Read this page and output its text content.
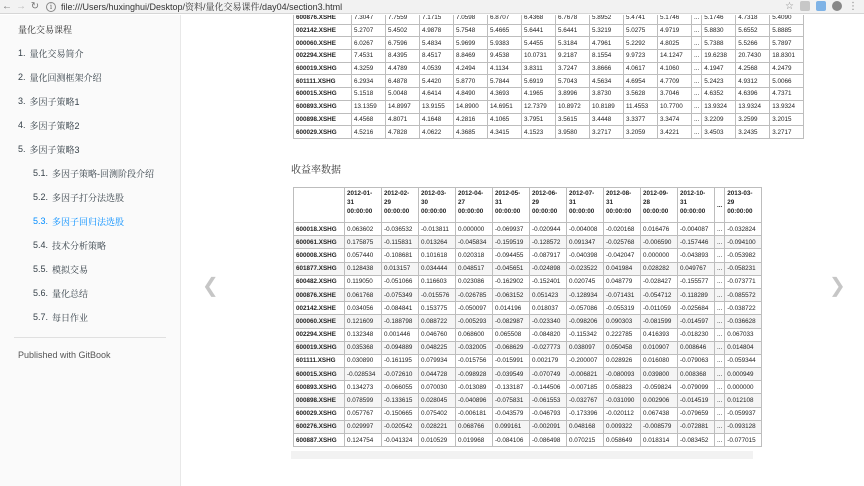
← → ↻	i file:///Users/huxinghui/Desktop/资料/量化交易课件/day04/section3.html	☆	⋮
量化交易课程
1. 量化交易简介
2. 量化回测框架介绍
3. 多因子策略1
4. 多因子策略2
5. 多因子策略3
5.1. 多因子策略-回测阶段介绍
5.2. 多因子打分法选股
5.3. 多因子回归法选股
5.4. 技术分析策略
5.5. 模拟交易
5.6. 量化总结
5.7. 每日作业
Published with GitBook
600876.XSHE	7.3047	7.7559	7.1715	7.0598	6.8707	6.4368	6.7678	5.8952	5.4741	5.1746	...	5.1746	4.7318	5.4090
002142.XSHE	5.2707	5.4502	4.9878	5.7548	5.4665	5.6441	5.6441	5.3219	5.0275	4.9719	...	5.8830	5.6552	5.8885
000060.XSHE	6.0267	6.7596	5.4834	5.9699	5.9383	5.4455	5.3184	4.7961	5.2292	4.8025	...	5.7388	5.5266	5.7897
002294.XSHE	7.4531	8.4395	8.4517	8.8469	9.4538	10.0731	9.2187	8.1554	9.9723	14.1247	...	19.6238	20.7430	18.8301
600019.XSHG	4.3259	4.4789	4.0539	4.2494	4.1134	3.8311	3.7247	3.8666	4.0617	4.1060	...	4.1947	4.2568	4.2479
601111.XSHG	6.2934	6.4878	5.4420	5.8770	5.7844	5.6919	5.7043	4.5634	4.6954	4.7709	...	5.2423	4.9312	5.0066
600015.XSHG	5.1518	5.0048	4.6414	4.8490	4.3693	4.1965	3.8996	3.8730	3.5628	3.7046	...	4.6352	4.6396	4.7371
600893.XSHG	13.1359	14.8997	13.9155	14.8900	14.6951	12.7379	10.8972	10.8189	11.4553	10.7700	...	13.9324	13.9324	13.9324
000898.XSHE	4.4568	4.8071	4.1648	4.2816	4.1065	3.7951	3.5615	3.4448	3.3377	3.3474	...	3.2209	3.2599	3.2015
600029.XSHG	4.5216	4.7828	4.0622	4.3685	4.3415	4.1523	3.9580	3.2717	3.2059	3.4221	...	3.4503	3.2435	3.2717
收益率数据
	2012-01-31 00:00:00	2012-02-29 00:00:00	2012-03-30 00:00:00	2012-04-27 00:00:00	2012-05-31 00:00:00	2012-06-29 00:00:00	2012-07-31 00:00:00	2012-08-31 00:00:00	2012-09-28 00:00:00	2012-10-31 00:00:00	...	2013-03-29 00:00:00
600018.XSHG	0.063602	-0.036532	-0.013811	0.000000	-0.069937	-0.020944	-0.004008	-0.020168	0.016476	-0.004087	...	-0.032824
600061.XSHG	0.175875	-0.115831	0.013264	-0.045834	-0.159519	-0.128572	0.091347	-0.025768	-0.006590	-0.157446	...	-0.094100
600008.XSHG	0.057440	-0.108681	0.101618	0.020318	-0.094455	-0.087917	-0.040398	-0.042047	0.000000	-0.043893	...	-0.053982
601877.XSHG	0.128438	0.013157	0.034444	0.048517	-0.045651	-0.024898	-0.023522	0.041984	0.028282	0.049767	...	-0.058231
600482.XSHG	0.119050	-0.051066	0.116603	0.023086	-0.162902	-0.152401	0.020745	0.048779	-0.028427	-0.155577	...	-0.073771
000876.XSHE	0.061768	-0.075349	-0.015576	-0.026785	-0.063152	0.051423	-0.128934	-0.071431	-0.054712	-0.118289	...	-0.085572
002142.XSHE	0.034056	-0.084841	0.153775	-0.050097	0.014196	0.018037	-0.057086	-0.055319	-0.011059	-0.025684	...	-0.038722
000060.XSHE	0.121609	-0.188798	0.088722	-0.005293	-0.082987	-0.023340	-0.098206	0.090303	-0.081599	-0.014597	...	-0.036628
002294.XSHE	0.132348	0.001446	0.046760	0.068600	0.065508	-0.084820	-0.115342	0.222785	0.416393	-0.018230	...	0.067033
600019.XSHG	0.035368	-0.094889	0.048225	-0.032005	-0.068629	-0.027773	0.038097	0.050458	0.010907	0.008646	...	0.014804
601111.XSHG	0.030890	-0.161195	0.079934	-0.015756	-0.015991	0.002179	-0.200007	0.028926	0.016080	-0.079063	...	-0.059344
600015.XSHG	-0.028534	-0.072610	0.044728	-0.098928	-0.039549	-0.070749	-0.006821	-0.080093	0.039800	0.008368	...	0.000949
600893.XSHG	0.134273	-0.066055	0.070030	-0.013089	-0.133187	-0.144506	-0.007185	0.058823	-0.059824	-0.079099	...	0.000000
000898.XSHE	0.078599	-0.133615	0.028045	-0.040896	-0.075831	-0.061553	-0.032767	-0.031090	0.002906	-0.014519	...	0.012108
600029.XSHG	0.057767	-0.150665	0.075402	-0.006181	-0.043579	-0.046793	-0.173396	-0.020112	0.067438	-0.079659	...	-0.059937
600276.XSHG	0.029997	-0.020542	0.028221	0.068766	0.099161	-0.002091	0.048168	0.009322	-0.008579	-0.072881	...	-0.093128
600887.XSHG	0.124754	-0.041324	0.010529	0.019968	-0.084106	-0.086498	0.070215	0.058649	0.018314	-0.083452	...	-0.077015
❮	❯
